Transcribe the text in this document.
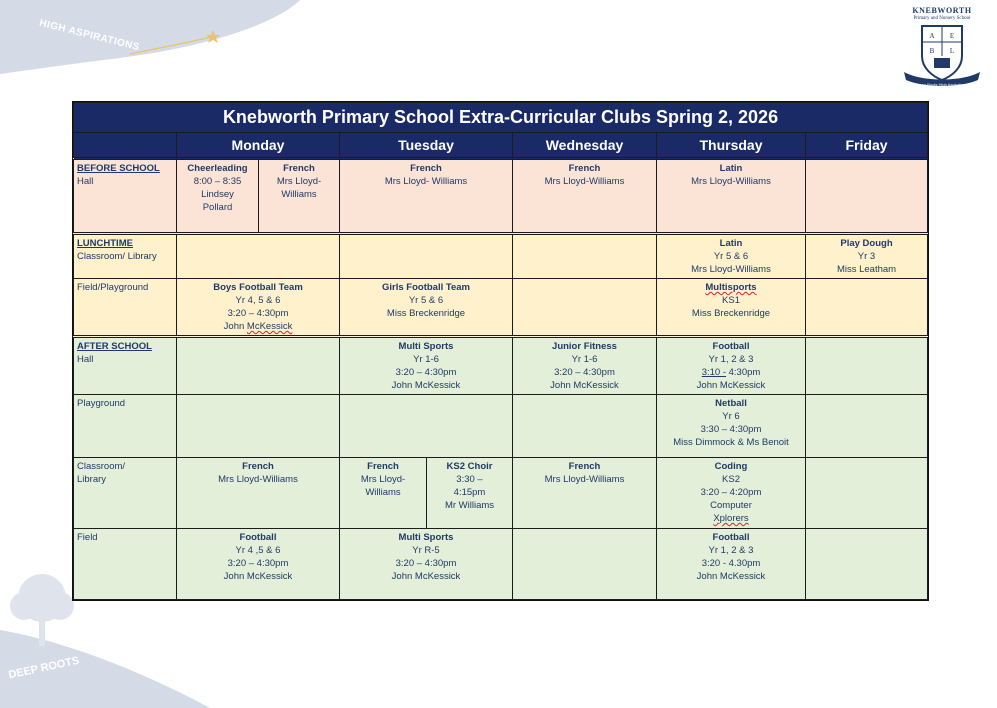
HIGH ASPIRATIONS
DEEP ROOTS
KNEBWORTH
Primary and Nursery School
A E
B L
Deep Roots High Aspirations
Knebworth Primary School Extra-Curricular Clubs Spring 2, 2026							
	Monday		Tuesday		Wednesday	Thursday	Friday

BEFORE SCHOOL
Hall	Cheerleading
8:00 – 8:35
Lindsey
Pollard	French
Mrs Lloyd-
Williams	French
Mrs Lloyd- Williams		French
Mrs Lloyd-Williams	Latin
Mrs Lloyd-Williams	

LUNCHTIME
Classroom/ Library						Latin
Yr 5 & 6
Mrs Lloyd-Williams	Play Dough
Yr 3
Miss Leatham

Field/Playground	Boys Football Team
Yr 4, 5 & 6
3:20 – 4:30pm
John McKessick		Girls Football Team
Yr 5 & 6
Miss Breckenridge			Multisports
KS1
Miss Breckenridge	

AFTER SCHOOL
Hall			Multi Sports
Yr 1-6
3:20 – 4:30pm
John McKessick		Junior Fitness
Yr 1-6
3:20 – 4:30pm
John McKessick	Football
Yr 1, 2 & 3
3:10 - 4:30pm
John McKessick	

Playground						Netball
Yr 6
3:30 – 4:30pm
Miss Dimmock & Ms Benoit	

Classroom/
Library	French
Mrs Lloyd-Williams		French
Mrs Lloyd-
Williams	KS2 Choir
3:30 –
4:15pm
Mr Williams	French
Mrs Lloyd-Williams	Coding
KS2
3:20 – 4:20pm
Computer
Xplorers	

Field	Football
Yr 4 ,5 & 6
3:20 – 4:30pm
John McKessick		Multi Sports
Yr R-5
3:20 – 4:30pm
John McKessick			Football
Yr 1, 2 & 3
3:20 - 4.30pm
John McKessick	
